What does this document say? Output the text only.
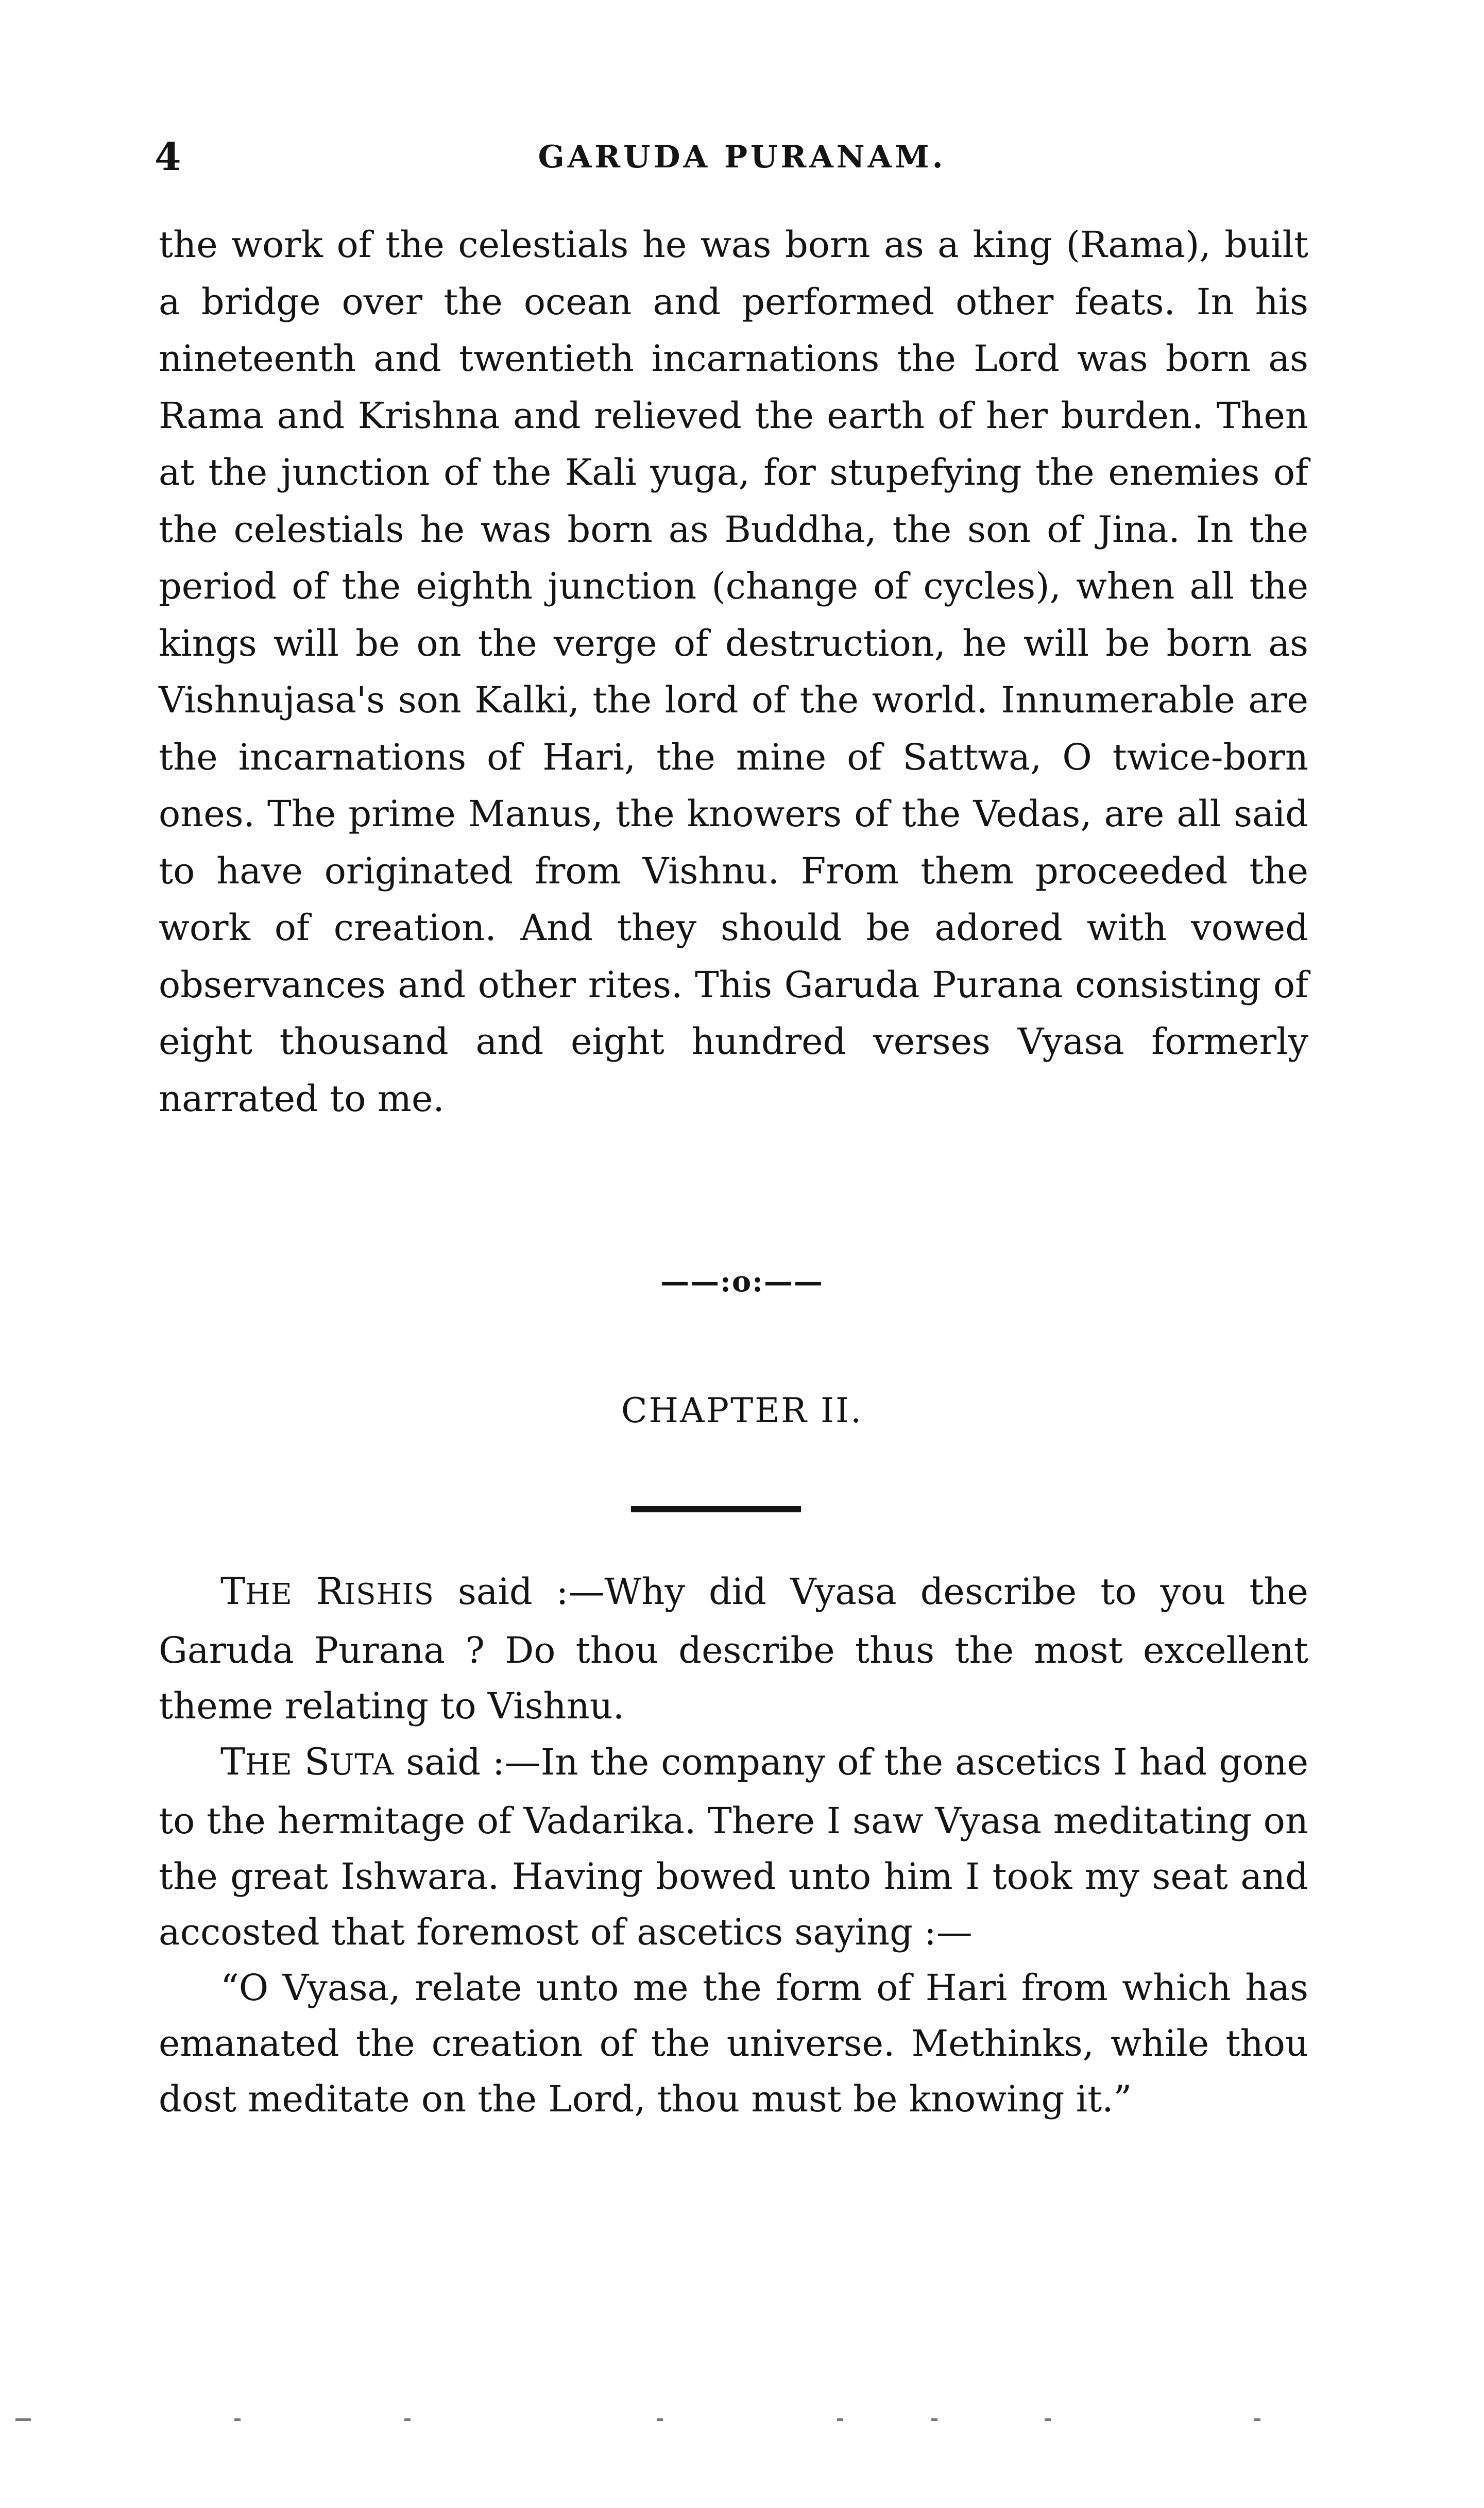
4	GARUDA PURANAM.

the work of the celestials he was born as a king (Rama), built a bridge over the ocean and performed other feats. In his nineteenth and twentieth incarnations the Lord was born as Rama and Krishna and relieved the earth of her burden. Then at the junction of the Kali yuga, for stupefying the enemies of the celestials he was born as Buddha, the son of Jina. In the period of the eighth junction (change of cycles), when all the kings will be on the verge of destruction, he will be born as Vishnujasa's son Kalki, the lord of the world. Innumerable are the incarnations of Hari, the mine of Sattwa, O twice-born ones. The prime Manus, the knowers of the Vedas, are all said to have originated from Vishnu. From them proceeded the work of creation. And they should be adored with vowed observances and other rites. This Garuda Purana consisting of eight thousand and eight hundred verses Vyasa formerly narrated to me.

——:o:——
CHAPTER II.

THE RISHIS said :—Why did Vyasa describe to you the Garuda Purana ? Do thou describe thus the most excellent theme relating to Vishnu.

THE SUTA said :—In the company of the ascetics I had gone to the hermitage of Vadarika. There I saw Vyasa meditating on the great Ishwara. Having bowed unto him I took my seat and accosted that foremost of ascetics saying :—

“O Vyasa, relate unto me the form of Hari from which has emanated the creation of the universe. Methinks, while thou dost meditate on the Lord, thou must be knowing it.”
